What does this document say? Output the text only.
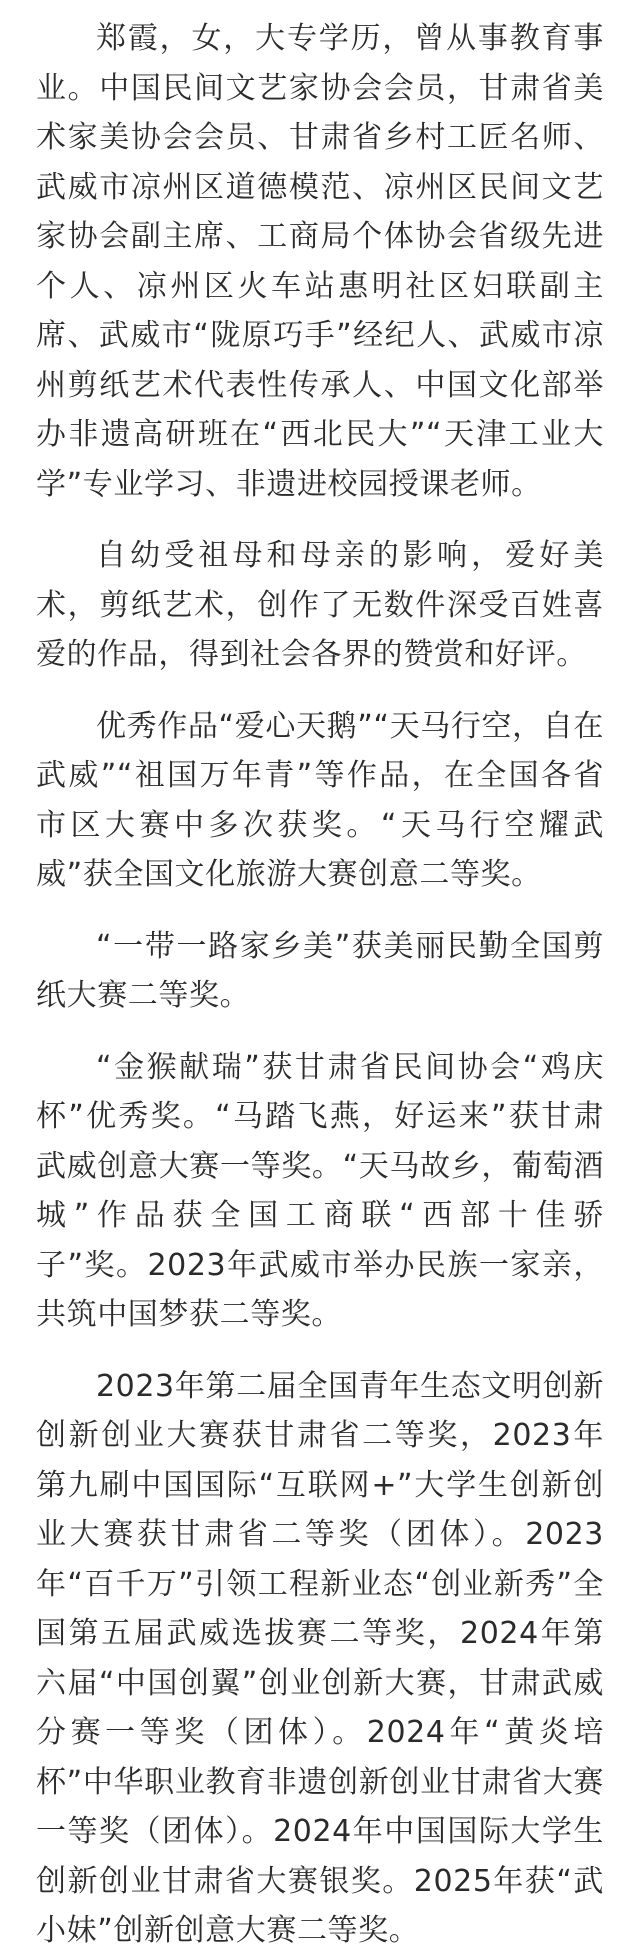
郑霞，女，大专学历，曾从事教育事业。中国民间文艺家协会会员，甘肃省美术家美协会会员、甘肃省乡村工匠名师、武威市凉州区道德模范、凉州区民间文艺家协会副主席、工商局个体协会省级先进个人、凉州区火车站惠明社区妇联副主席、武威市“陇原巧手”经纪人、武威市凉州剪纸艺术代表性传承人、中国文化部举办非遗高研班在“西北民大”“天津工业大学”专业学习、非遗进校园授课老师。

自幼受祖母和母亲的影响，爱好美术，剪纸艺术，创作了无数件深受百姓喜爱的作品，得到社会各界的赞赏和好评。

优秀作品“爱心天鹅”“天马行空，自在武威”“祖国万年青”等作品，在全国各省市区大赛中多次获奖。“天马行空耀武威”获全国文化旅游大赛创意二等奖。

“一带一路家乡美”获美丽民勤全国剪纸大赛二等奖。

“金猴献瑞”获甘肃省民间协会“鸡庆杯”优秀奖。“马踏飞燕，好运来”获甘肃武威创意大赛一等奖。“天马故乡，葡萄酒城”作品获全国工商联“西部十佳骄子”奖。2023年武威市举办民族一家亲，共筑中国梦获二等奖。

2023年第二届全国青年生态文明创新创新创业大赛获甘肃省二等奖，2023年第九刷中国国际“互联网+”大学生创新创业大赛获甘肃省二等奖（团体）。2023年“百千万”引领工程新业态“创业新秀”全国第五届武威选拔赛二等奖，2024年第六届“中国创翼”创业创新大赛，甘肃武威分赛一等奖（团体）。2024年“黄炎培杯”中华职业教育非遗创新创业甘肃省大赛一等奖（团体）。2024年中国国际大学生创新创业甘肃省大赛银奖。2025年获“武小妹”创新创意大赛二等奖。
